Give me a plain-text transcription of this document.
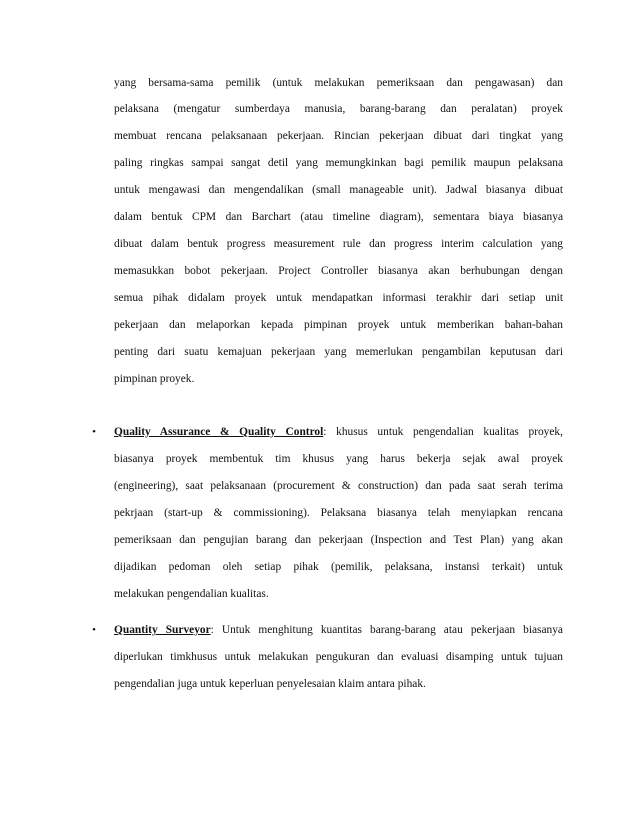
yang bersama-sama pemilik (untuk melakukan pemeriksaan dan pengawasan) dan
pelaksana (mengatur sumberdaya manusia, barang-barang dan peralatan) proyek
membuat rencana pelaksanaan pekerjaan. Rincian pekerjaan dibuat dari tingkat yang
paling ringkas sampai sangat detil yang memungkinkan bagi pemilik maupun pelaksana
untuk mengawasi dan mengendalikan (small manageable unit). Jadwal biasanya dibuat
dalam bentuk CPM dan Barchart (atau timeline diagram), sementara biaya biasanya
dibuat dalam bentuk progress measurement rule dan progress interim calculation yang
memasukkan bobot pekerjaan. Project Controller biasanya akan berhubungan dengan
semua pihak didalam proyek untuk mendapatkan informasi terakhir dari setiap unit
pekerjaan dan melaporkan kepada pimpinan proyek untuk memberikan bahan-bahan
penting dari suatu kemajuan pekerjaan yang memerlukan pengambilan keputusan dari
pimpinan proyek.
• Quality Assurance & Quality Control: khusus untuk pengendalian kualitas proyek,
biasanya proyek membentuk tim khusus yang harus bekerja sejak awal proyek
(engineering), saat pelaksanaan (procurement & construction) dan pada saat serah terima
pekrjaan (start-up & commissioning). Pelaksana biasanya telah menyiapkan rencana
pemeriksaan dan pengujian barang dan pekerjaan (Inspection and Test Plan) yang akan
dijadikan pedoman oleh setiap pihak (pemilik, pelaksana, instansi terkait) untuk
melakukan pengendalian kualitas.
• Quantity Surveyor: Untuk menghitung kuantitas barang-barang atau pekerjaan biasanya
diperlukan timkhusus untuk melakukan pengukuran dan evaluasi disamping untuk tujuan
pengendalian juga untuk keperluan penyelesaian klaim antara pihak.
